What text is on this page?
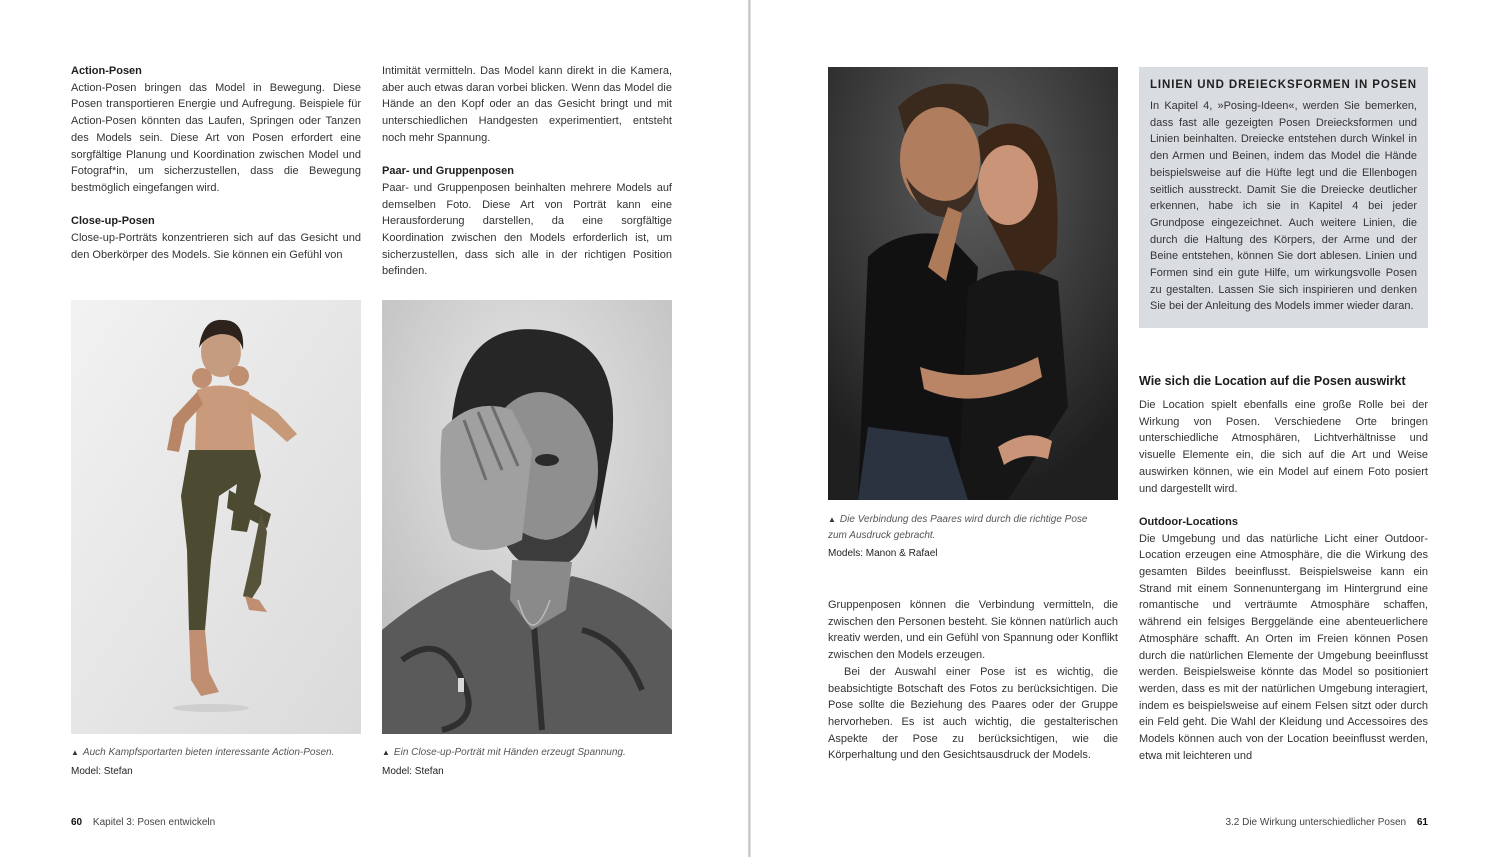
Action-Posen

Action-Posen bringen das Model in Bewegung. Diese Posen transportieren Energie und Aufregung. Beispiele für Action-Posen könnten das Laufen, Springen oder Tanzen des Models sein. Diese Art von Posen erfordert eine sorgfältige Planung und Koordination zwischen Model und Fotograf*in, um sicherzustellen, dass die Bewegung bestmöglich eingefangen wird.

Close-up-Posen

Close-up-Porträts konzentrieren sich auf das Gesicht und den Oberkörper des Models. Sie können ein Gefühl von

Intimität vermitteln. Das Model kann direkt in die Kamera, aber auch etwas daran vorbei blicken. Wenn das Model die Hände an den Kopf oder an das Gesicht bringt und mit unterschiedlichen Handgesten experimentiert, entsteht noch mehr Spannung.

Paar- und Gruppenposen

Paar- und Gruppenposen beinhalten mehrere Models auf demselben Foto. Diese Art von Porträt kann eine Herausforderung darstellen, da eine sorgfältige Koordination zwischen den Models erforderlich ist, um sicherzustellen, dass sich alle in der richtigen Position befinden.

▲ Auch Kampfsportarten bieten interessante Action-Posen.
Model: Stefan
▲ Ein Close-up-Porträt mit Händen erzeugt Spannung.
Model: Stefan
60 Kapitel 3: Posen entwickeln
▲ Die Verbindung des Paares wird durch die richtige Pose zum Ausdruck gebracht.
Models: Manon & Rafael

Gruppenposen können die Verbindung vermitteln, die zwischen den Personen besteht. Sie können natürlich auch kreativ werden, und ein Gefühl von Spannung oder Konflikt zwischen den Models erzeugen.

Bei der Auswahl einer Pose ist es wichtig, die beabsichtigte Botschaft des Fotos zu berücksichtigen. Die Pose sollte die Beziehung des Paares oder der Gruppe hervorheben. Es ist auch wichtig, die gestalterischen Aspekte der Pose zu berücksichtigen, wie die Körperhaltung und den Gesichtsausdruck der Models.

LINIEN UND DREIECKSFORMEN IN POSEN

In Kapitel 4, »Posing-Ideen«, werden Sie bemerken, dass fast alle gezeigten Posen Dreiecksformen und Linien beinhalten. Dreiecke entstehen durch Winkel in den Armen und Beinen, indem das Model die Hände beispielsweise auf die Hüfte legt und die Ellenbogen seitlich ausstreckt. Damit Sie die Dreiecke deutlicher erkennen, habe ich sie in Kapitel 4 bei jeder Grundpose eingezeichnet. Auch weitere Linien, die durch die Haltung des Körpers, der Arme und der Beine entstehen, können Sie dort ablesen. Linien und Formen sind ein gute Hilfe, um wirkungsvolle Posen zu gestalten. Lassen Sie sich inspirieren und denken Sie bei der Anleitung des Models immer wieder daran.

Wie sich die Location auf die Posen auswirkt

Die Location spielt ebenfalls eine große Rolle bei der Wirkung von Posen. Verschiedene Orte bringen unterschiedliche Atmosphären, Lichtverhältnisse und visuelle Elemente ein, die sich auf die Art und Weise auswirken können, wie ein Model auf einem Foto posiert und dargestellt wird.

Outdoor-Locations

Die Umgebung und das natürliche Licht einer Outdoor-Location erzeugen eine Atmosphäre, die die Wirkung des gesamten Bildes beeinflusst. Beispielsweise kann ein Strand mit einem Sonnenuntergang im Hintergrund eine romantische und verträumte Atmosphäre schaffen, während ein felsiges Berggelände eine abenteuerlichere Atmosphäre schafft. An Orten im Freien können Posen durch die natürlichen Elemente der Umgebung beeinflusst werden. Beispielsweise könnte das Model so positioniert werden, dass es mit der natürlichen Umgebung interagiert, indem es beispielsweise auf einem Felsen sitzt oder durch ein Feld geht. Die Wahl der Kleidung und Accessoires des Models können auch von der Location beeinflusst werden, etwa mit leichteren und

3.2 Die Wirkung unterschiedlicher Posen 61
